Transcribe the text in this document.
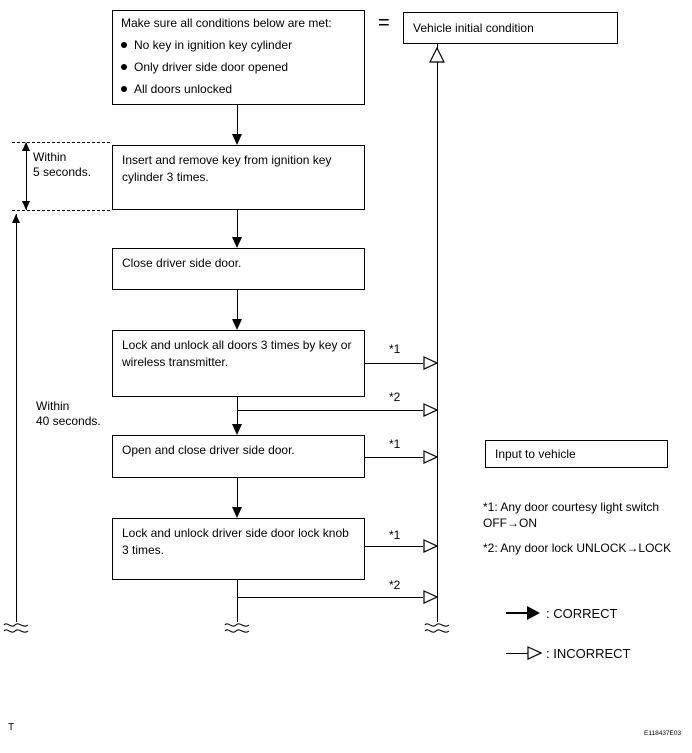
*1
*2
*1
*1
*2
Make sure all conditions below are met:
No key in ignition key cylinder
Only driver side door opened
All doors unlocked
= Vehicle initial condition
Insert and remove key from ignition key cylinder 3 times.
Close driver side door.
Lock and unlock all doors 3 times by key or wireless transmitter.
Open and close driver side door.
Lock and unlock driver side door lock knob 3 times.
Input to vehicle
*1: Any door courtesy light switch
OFF→ON
*2: Any door lock UNLOCK→LOCK
: CORRECT
: INCORRECT
Within
5 seconds.
Within
40 seconds.
T
E118437E03
